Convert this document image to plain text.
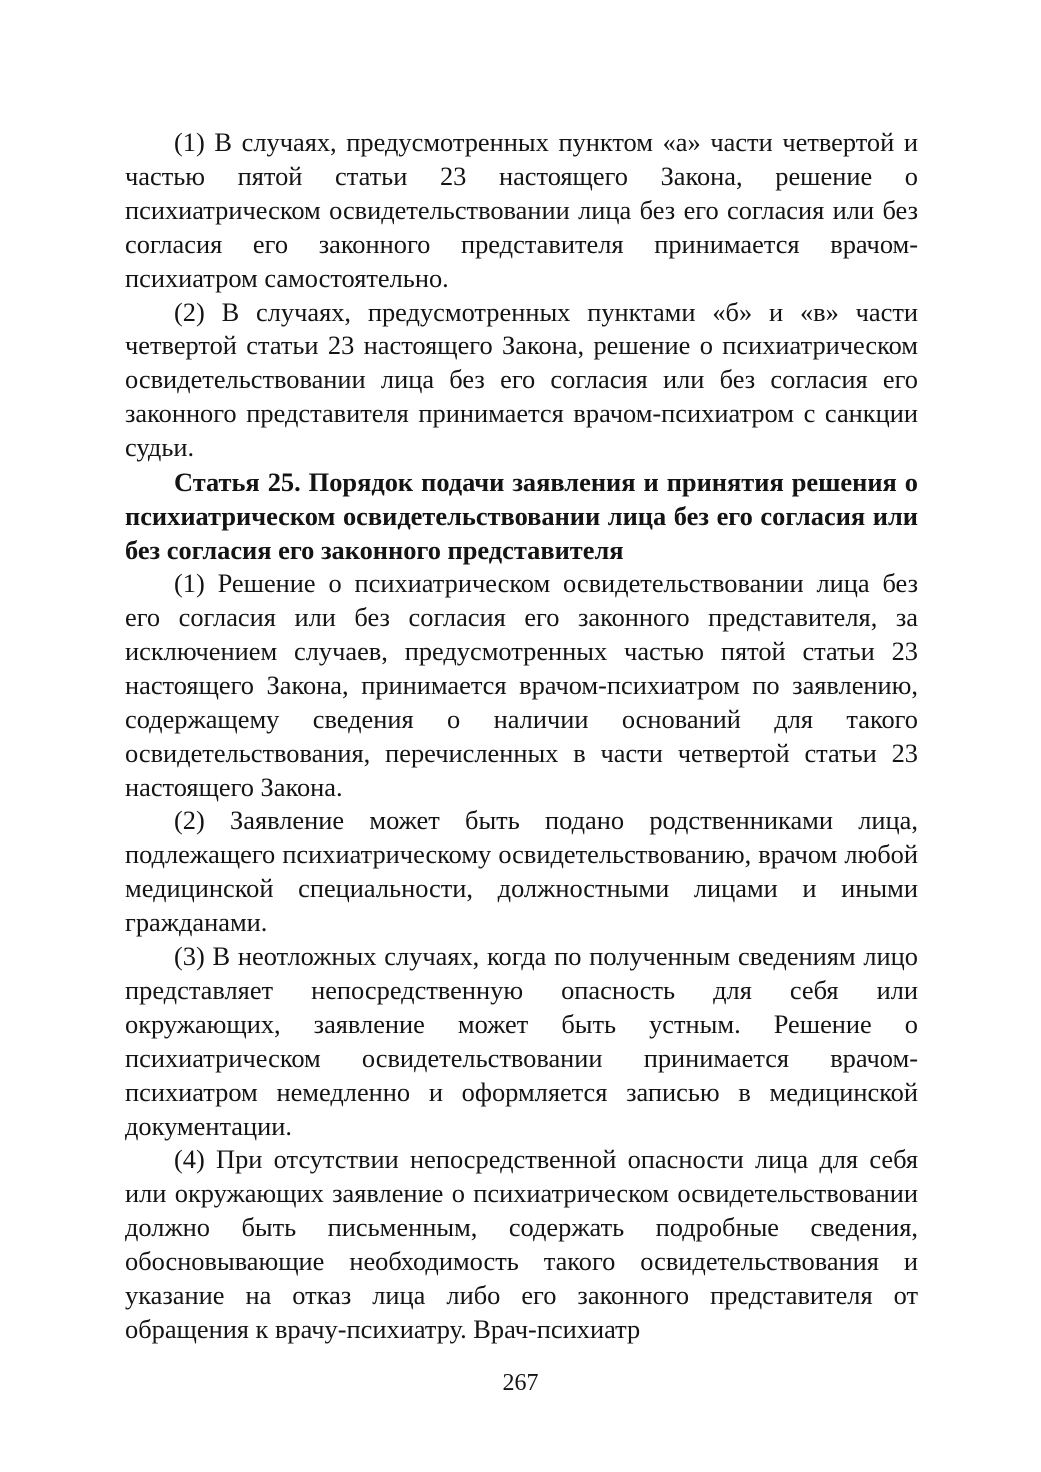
(1) В случаях, предусмотренных пунктом «а» части четвертой и частью пятой статьи 23 настоящего Закона, решение о психиатрическом освидетельствовании лица без его согласия или без согласия его законного представителя принимается врачом-психиатром самостоятельно.

(2) В случаях, предусмотренных пунктами «б» и «в» части четвертой статьи 23 настоящего Закона, решение о психиатрическом освидетельствовании лица без его согласия или без согласия его законного представителя принимается врачом-психиатром с санкции судьи.

Статья 25. Порядок подачи заявления и принятия решения о психиатрическом освидетельствовании лица без его согласия или без согласия его законного представителя

(1) Решение о психиатрическом освидетельствовании лица без его согласия или без согласия его законного представителя, за исключением случаев, предусмотренных частью пятой статьи 23 настоящего Закона, принимается врачом-психиатром по заявлению, содержащему сведения о наличии оснований для такого освидетельствования, перечисленных в части четвертой статьи 23 настоящего Закона.

(2) Заявление может быть подано родственниками лица, подлежащего психиатрическому освидетельствованию, врачом любой медицинской специальности, должностными лицами и иными гражданами.

(3) В неотложных случаях, когда по полученным сведениям лицо представляет непосредственную опасность для себя или окружающих, заявление может быть устным. Решение о психиатрическом освидетельствовании принимается врачом-психиатром немедленно и оформляется записью в медицинской документации.

(4) При отсутствии непосредственной опасности лица для себя или окружающих заявление о психиатрическом освидетельствовании должно быть письменным, содержать подробные сведения, обосновывающие необходимость такого освидетельствования и указание на отказ лица либо его законного представителя от обращения к врачу-психиатру. Врач-психиатр

267
